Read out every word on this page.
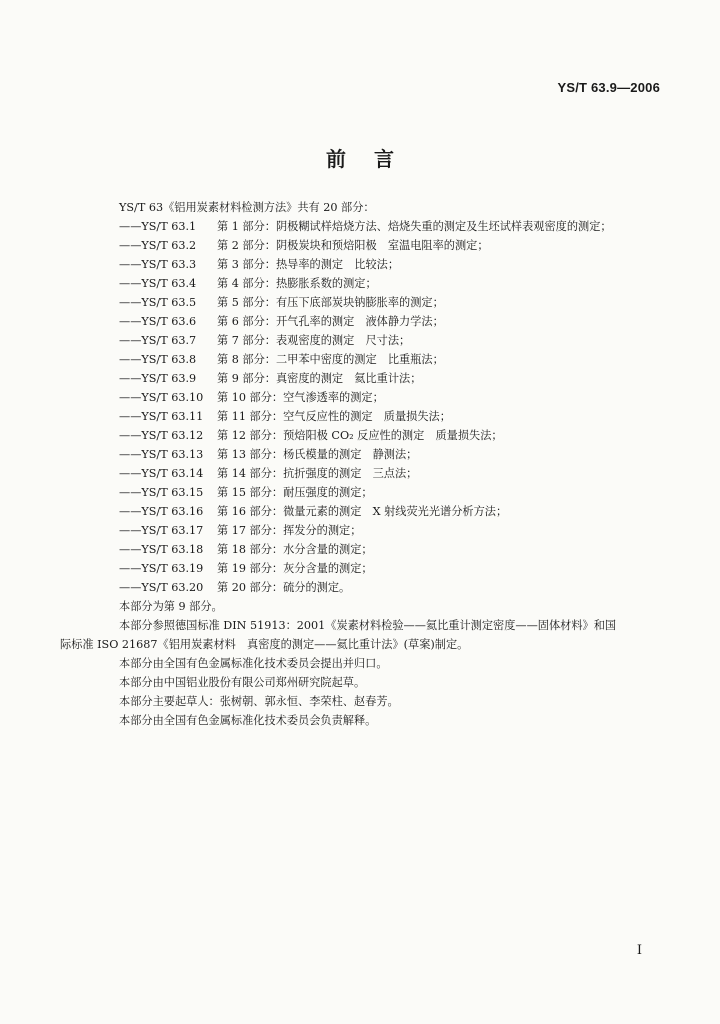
YS/T 63.9—2006
前言
YS/T 63《铝用炭素材料检测方法》共有 20 部分：
——YS/T 63.1 第 1 部分：阴极糊试样焙烧方法、焙烧失重的测定及生坯试样表观密度的测定；
——YS/T 63.2 第 2 部分：阴极炭块和预焙阳极　室温电阻率的测定；
——YS/T 63.3 第 3 部分：热导率的测定　比较法；
——YS/T 63.4 第 4 部分：热膨胀系数的测定；
——YS/T 63.5 第 5 部分：有压下底部炭块钠膨胀率的测定；
——YS/T 63.6 第 6 部分：开气孔率的测定　液体静力学法；
——YS/T 63.7 第 7 部分：表观密度的测定　尺寸法；
——YS/T 63.8 第 8 部分：二甲苯中密度的测定　比重瓶法；
——YS/T 63.9 第 9 部分：真密度的测定　氦比重计法；
——YS/T 63.10 第 10 部分：空气渗透率的测定；
——YS/T 63.11 第 11 部分：空气反应性的测定　质量损失法；
——YS/T 63.12 第 12 部分：预焙阳极 CO₂ 反应性的测定　质量损失法；
——YS/T 63.13 第 13 部分：杨氏模量的测定　静测法；
——YS/T 63.14 第 14 部分：抗折强度的测定　三点法；
——YS/T 63.15 第 15 部分：耐压强度的测定；
——YS/T 63.16 第 16 部分：微量元素的测定　X 射线荧光光谱分析方法；
——YS/T 63.17 第 17 部分：挥发分的测定；
——YS/T 63.18 第 18 部分：水分含量的测定；
——YS/T 63.19 第 19 部分：灰分含量的测定；
——YS/T 63.20 第 20 部分：硫分的测定。
本部分为第 9 部分。
本部分参照德国标准 DIN 51913：2001《炭素材料检验——氦比重计测定密度——固体材料》和国
际标准 ISO 21687《铝用炭素材料　真密度的测定——氦比重计法》(草案)制定。
本部分由全国有色金属标准化技术委员会提出并归口。
本部分由中国铝业股份有限公司郑州研究院起草。
本部分主要起草人：张树朝、郭永恒、李荣柱、赵春芳。
本部分由全国有色金属标准化技术委员会负责解释。
I
